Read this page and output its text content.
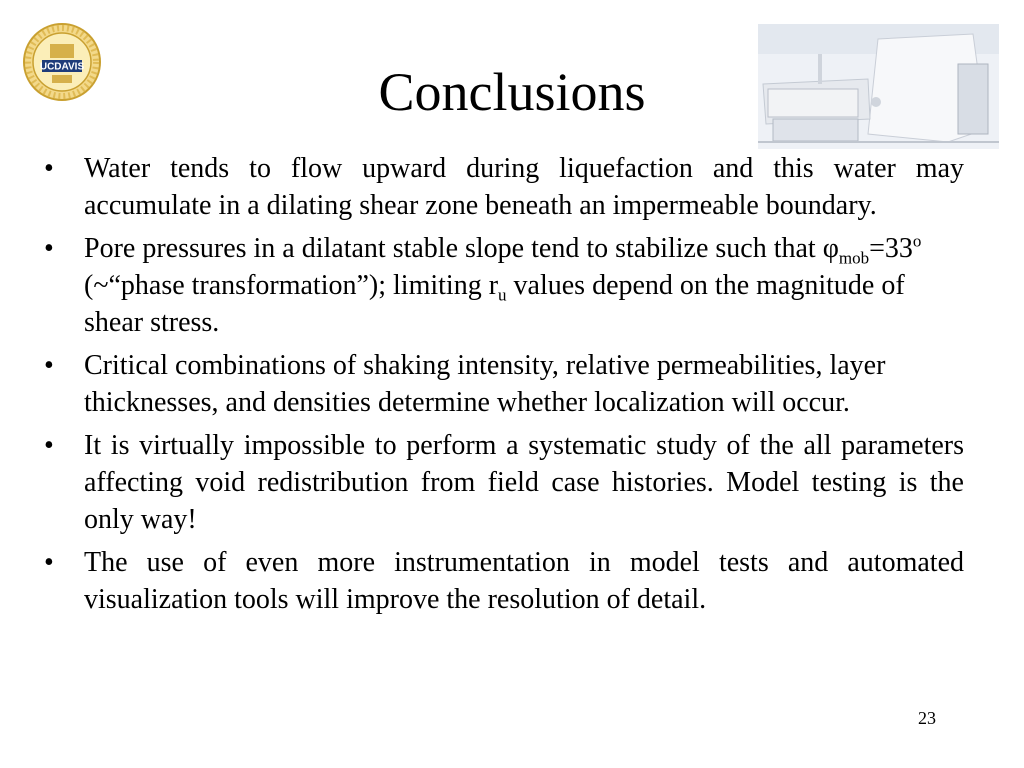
UCDAVIS	Conclusions
•	Water tends to flow upward during liquefaction and this water may accumulate in a dilating shear zone beneath an impermeable boundary.
•	Pore pressures in a dilatant stable slope tend to stabilize such that $\varphi_{mob}=33^o$ (~“phase transformation”); limiting $r_u$ values depend on the magnitude of shear stress.
•	Critical combinations of shaking intensity, relative permeabilities, layer thicknesses, and densities determine whether localization will occur.
•	It is virtually impossible to perform a systematic study of the all parameters affecting void redistribution from field case histories. Model testing is the only way!
•	The use of even more instrumentation in model tests and automated visualization tools will improve the resolution of detail.
23
